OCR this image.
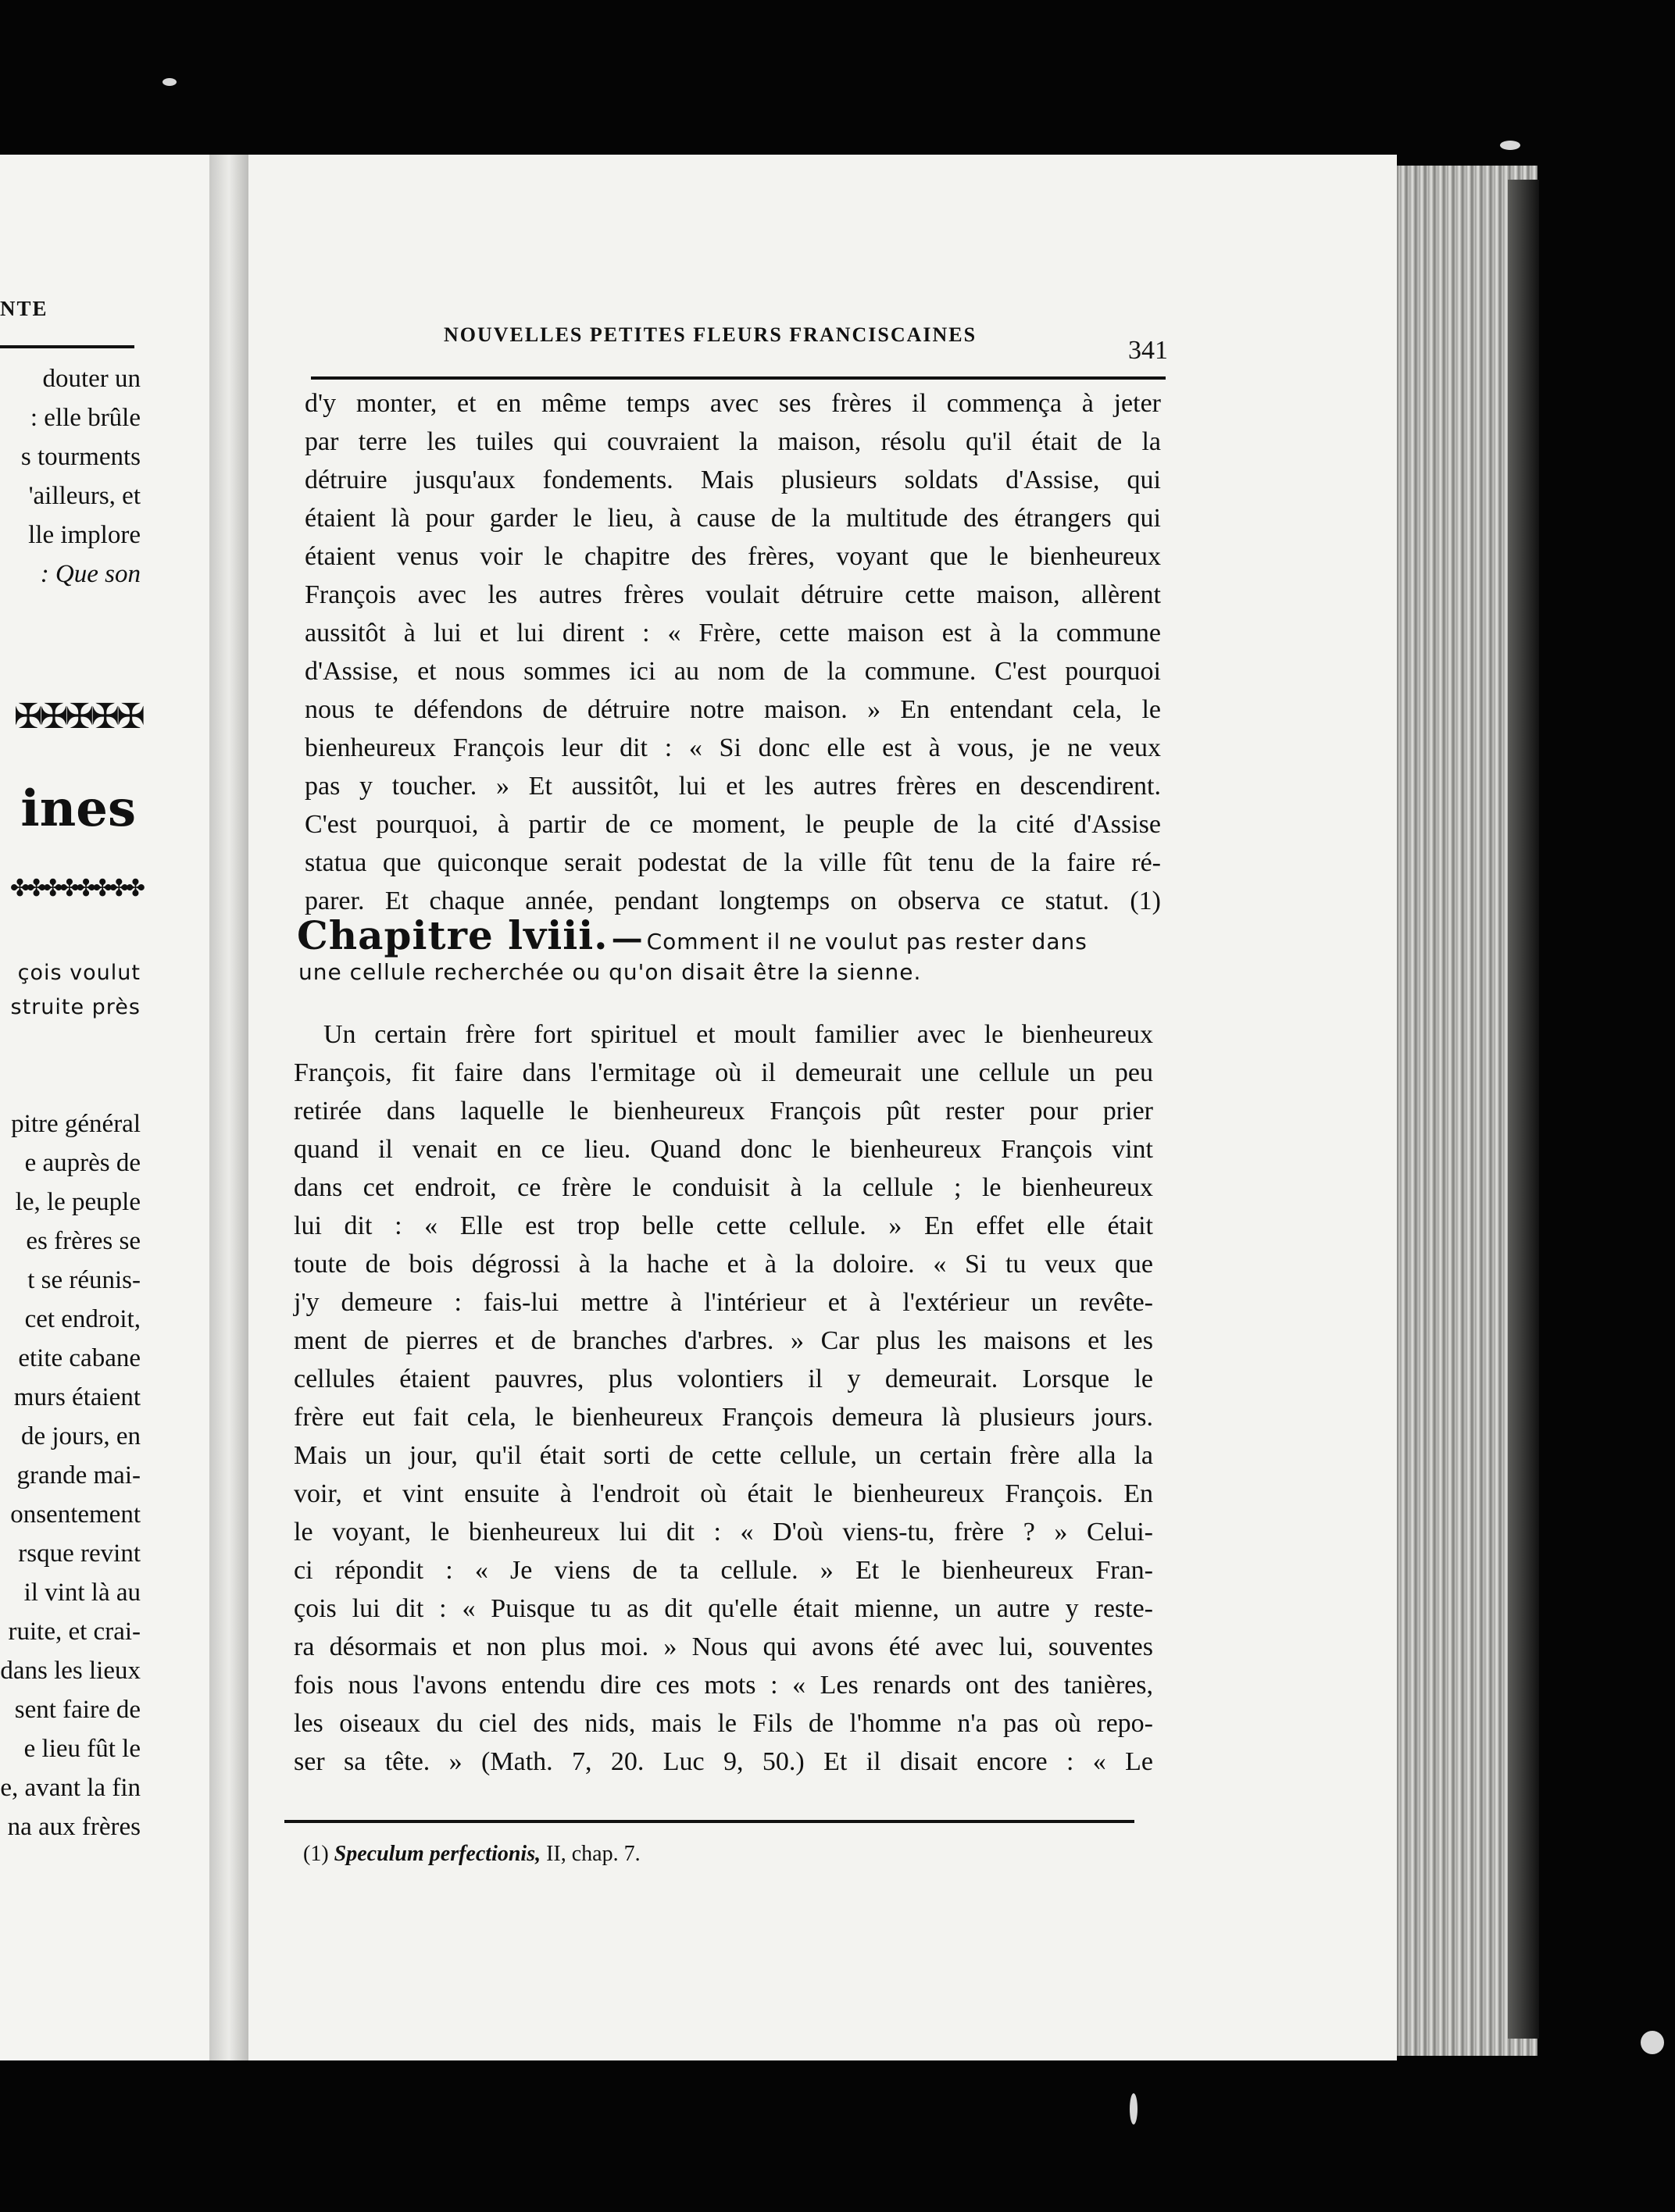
NTE
douter un
: elle brûle
s tourments
'ailleurs, et
lle implore
: Que son
✠✠✠✠✠
ines
✤✤✤✤✤✤✤✤
çois voulut
struite près
pitre général
e auprès de
le, le peuple
es frères se
t se réunis-
cet endroit,
etite cabane
murs étaient
de jours, en
grande mai-
onsentement
rsque revint
il vint là au
ruite, et crai-
dans les lieux
sent faire de
e lieu fût le
e, avant la fin
na aux frères
NOUVELLES PETITES FLEURS FRANCISCAINES
341
d'y monter, et en même temps avec ses frères il commença à jeter
par terre les tuiles qui couvraient la maison, résolu qu'il était de la
détruire jusqu'aux fondements. Mais plusieurs soldats d'Assise, qui
étaient là pour garder le lieu, à cause de la multitude des étrangers qui
étaient venus voir le chapitre des frères, voyant que le bienheureux
François avec les autres frères voulait détruire cette maison, allèrent
aussitôt à lui et lui dirent : « Frère, cette maison est à la commune
d'Assise, et nous sommes ici au nom de la commune. C'est pourquoi
nous te défendons de détruire notre maison. » En entendant cela, le
bienheureux François leur dit : « Si donc elle est à vous, je ne veux
pas y toucher. » Et aussitôt, lui et les autres frères en descendirent.
C'est pourquoi, à partir de ce moment, le peuple de la cité d'Assise
statua que quiconque serait podestat de la ville fût tenu de la faire ré-
parer. Et chaque année, pendant longtemps on observa ce statut. (1)
Chapitre lviii. — Comment il ne voulut pas rester dans
une cellule recherchée ou qu'on disait être la sienne.
Un certain frère fort spirituel et moult familier avec le bienheureux
François, fit faire dans l'ermitage où il demeurait une cellule un peu
retirée dans laquelle le bienheureux François pût rester pour prier
quand il venait en ce lieu. Quand donc le bienheureux François vint
dans cet endroit, ce frère le conduisit à la cellule ; le bienheureux
lui dit : « Elle est trop belle cette cellule. » En effet elle était
toute de bois dégrossi à la hache et à la doloire. « Si tu veux que
j'y demeure : fais-lui mettre à l'intérieur et à l'extérieur un revête-
ment de pierres et de branches d'arbres. » Car plus les maisons et les
cellules étaient pauvres, plus volontiers il y demeurait. Lorsque le
frère eut fait cela, le bienheureux François demeura là plusieurs jours.
Mais un jour, qu'il était sorti de cette cellule, un certain frère alla la
voir, et vint ensuite à l'endroit où était le bienheureux François. En
le voyant, le bienheureux lui dit : « D'où viens-tu, frère ? » Celui-
ci répondit : « Je viens de ta cellule. » Et le bienheureux Fran-
çois lui dit : « Puisque tu as dit qu'elle était mienne, un autre y reste-
ra désormais et non plus moi. » Nous qui avons été avec lui, souventes
fois nous l'avons entendu dire ces mots : « Les renards ont des tanières,
les oiseaux du ciel des nids, mais le Fils de l'homme n'a pas où repo-
ser sa tête. » (Math. 7, 20. Luc 9, 50.) Et il disait encore : « Le
(1) Speculum perfectionis, II, chap. 7.
